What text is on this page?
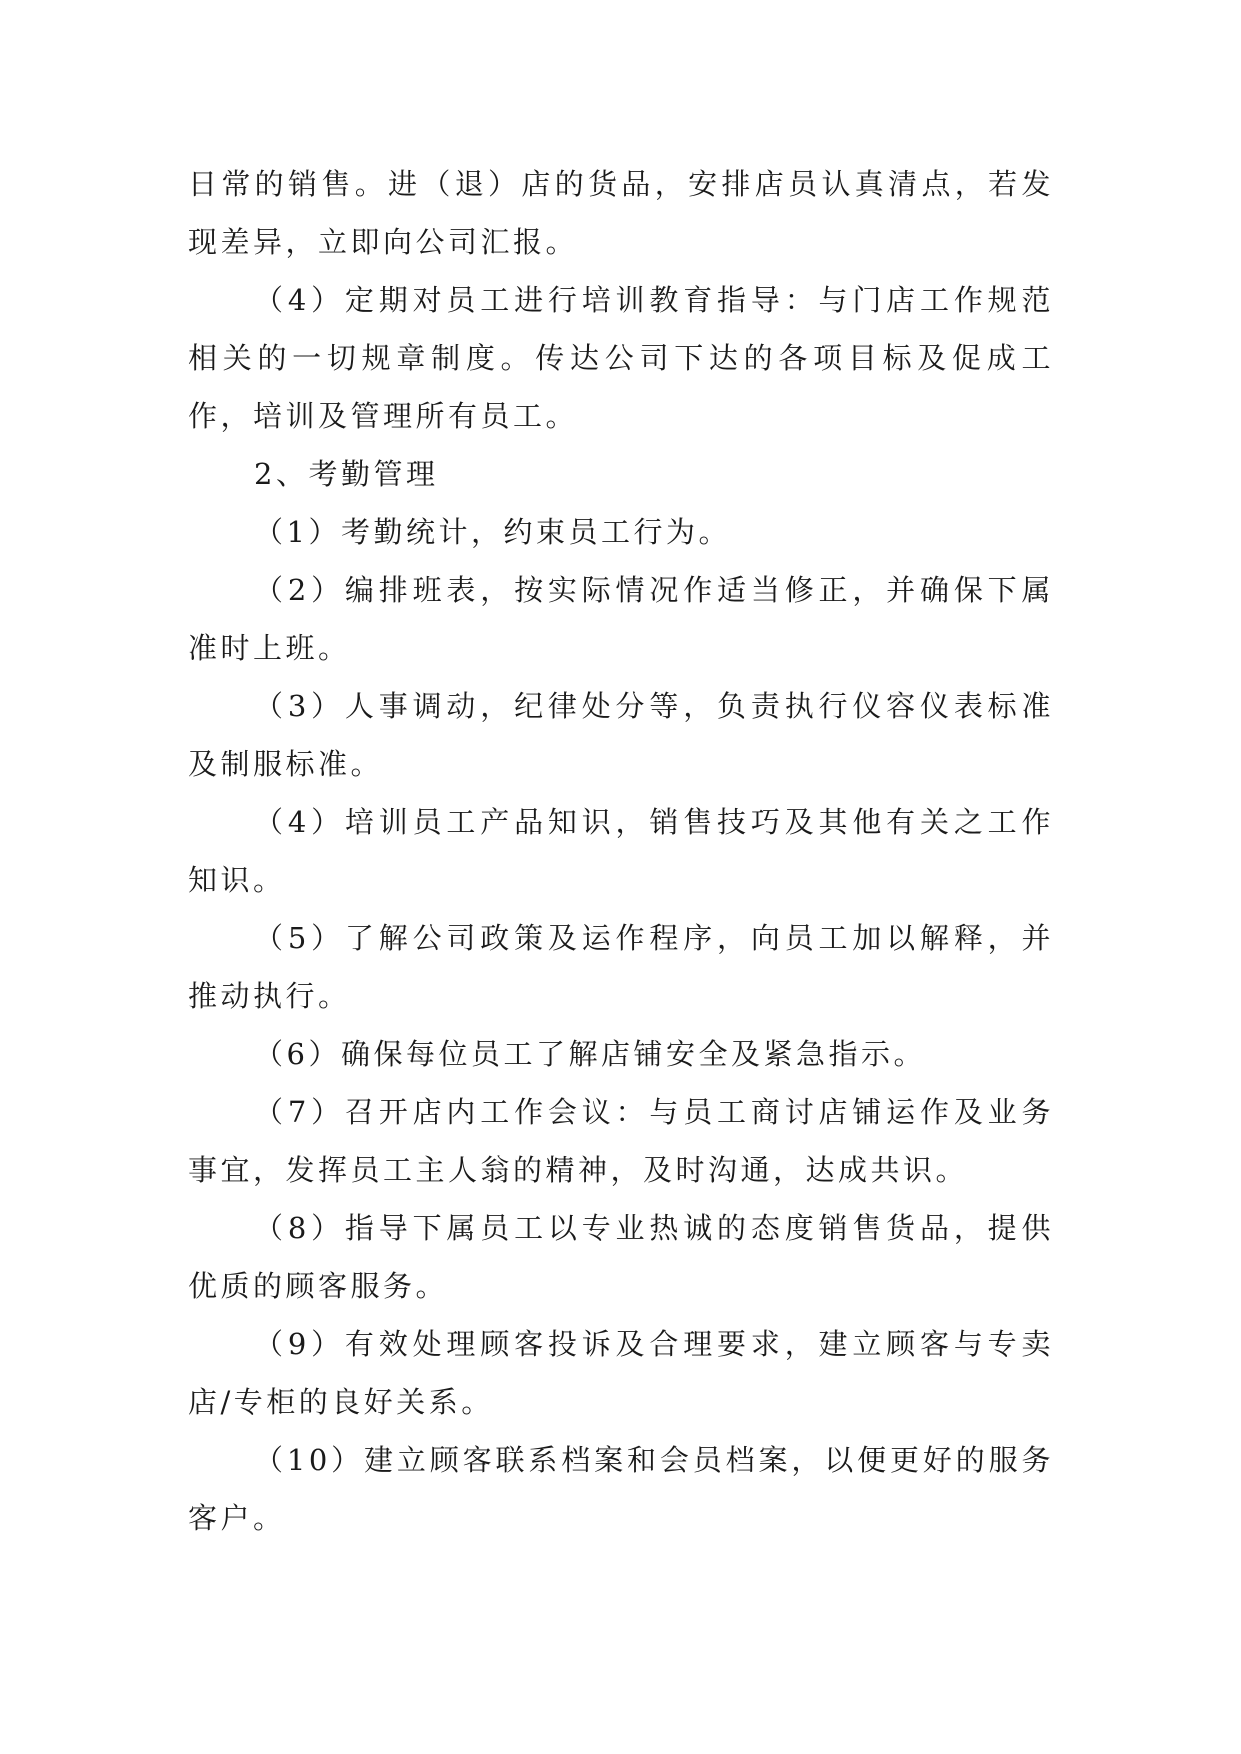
日常的销售。进（退）店的货品，安排店员认真清点，若发现差异，立即向公司汇报。

（4）定期对员工进行培训教育指导：与门店工作规范相关的一切规章制度。传达公司下达的各项目标及促成工作，培训及管理所有员工。

2、考勤管理

（1）考勤统计，约束员工行为。

（2）编排班表，按实际情况作适当修正，并确保下属准时上班。

（3）人事调动，纪律处分等，负责执行仪容仪表标准及制服标准。

（4）培训员工产品知识，销售技巧及其他有关之工作知识。

（5）了解公司政策及运作程序，向员工加以解释，并推动执行。

（6）确保每位员工了解店铺安全及紧急指示。

（7）召开店内工作会议：与员工商讨店铺运作及业务事宜，发挥员工主人翁的精神，及时沟通，达成共识。

（8）指导下属员工以专业热诚的态度销售货品，提供优质的顾客服务。

（9）有效处理顾客投诉及合理要求，建立顾客与专卖店/专柜的良好关系。

（10）建立顾客联系档案和会员档案，以便更好的服务客户。
